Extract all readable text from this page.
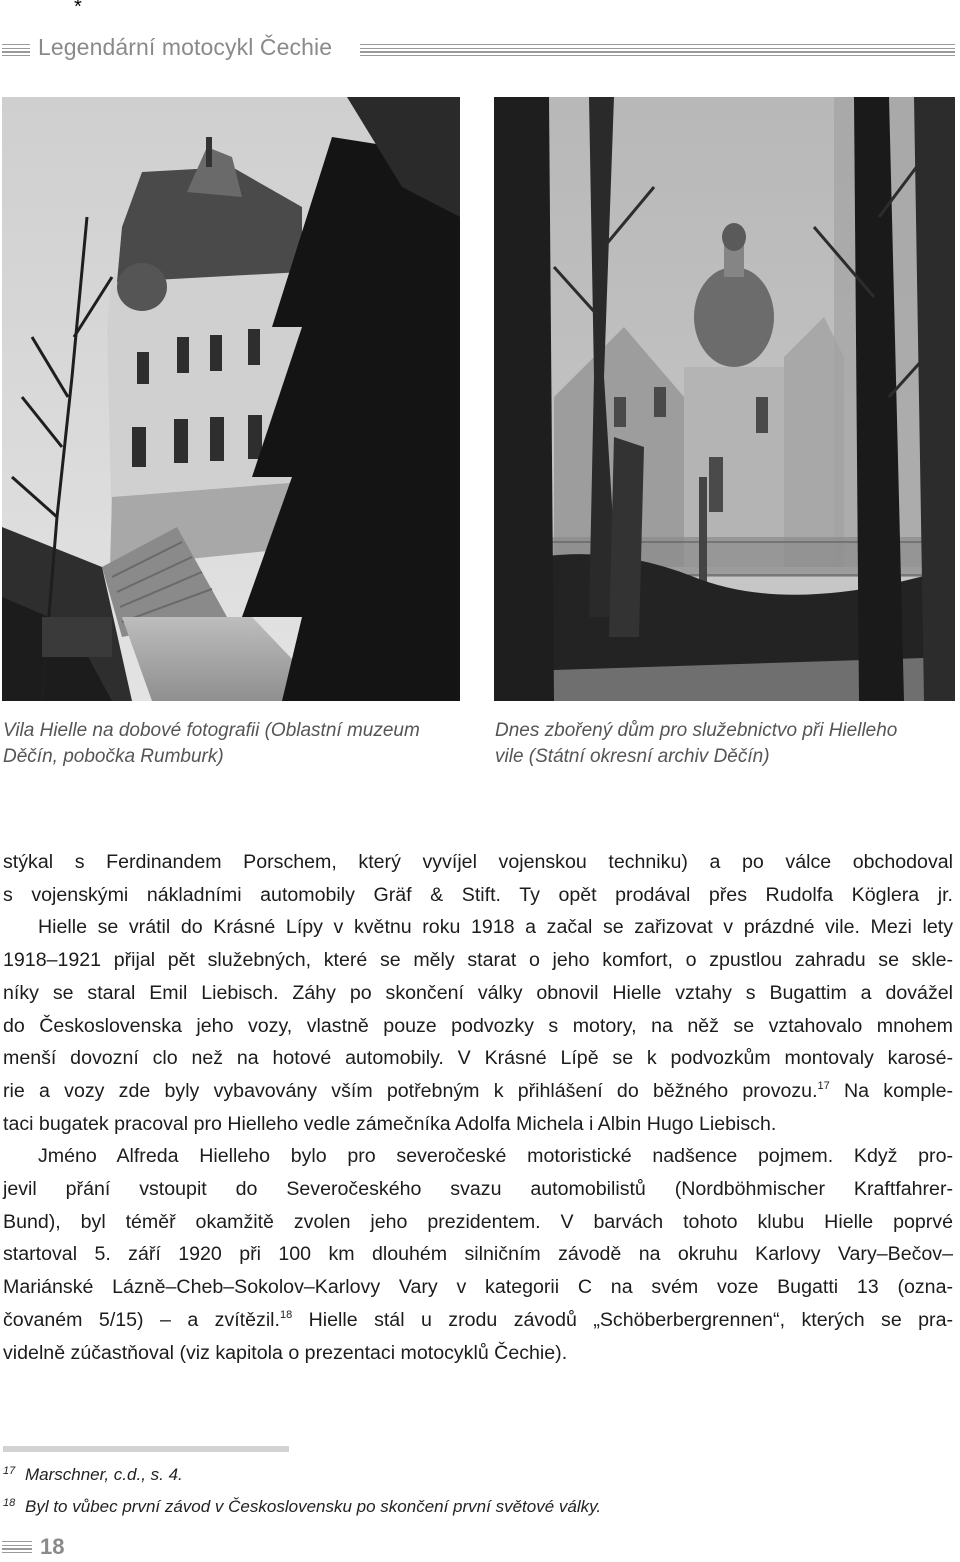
*
Legendární motocykl Čechie
Vila Hielle na dobové fotografii (Oblastní muzeum
Děčín, pobočka Rumburk)
Dnes zbořený dům pro služebnictvo při Hielleho
vile (Státní okresní archiv Děčín)

stýkal s Ferdinandem Porschem, který vyvíjel vojenskou techniku) a po válce obchodoval

s vojenskými nákladními automobily Gräf & Stift. Ty opět prodával přes Rudolfa Köglera jr.

Hielle se vrátil do Krásné Lípy v květnu roku 1918 a začal se zařizovat v prázdné vile. Mezi lety

1918–1921 přijal pět služebných, které se měly starat o jeho komfort, o zpustlou zahradu se skle-

níky se staral Emil Liebisch. Záhy po skončení války obnovil Hielle vztahy s Bugattim a dovážel

do Československa jeho vozy, vlastně pouze podvozky s motory, na něž se vztahovalo mnohem

menší dovozní clo než na hotové automobily. V Krásné Lípě se k podvozkům montovaly karosé-

rie a vozy zde byly vybavovány vším potřebným k přihlášení do běžného provozu.$^{17}$ Na komple-

taci bugatek pracoval pro Hielleho vedle zámečníka Adolfa Michela i Albin Hugo Liebisch.

Jméno Alfreda Hielleho bylo pro severočeské motoristické nadšence pojmem. Když pro-

jevil přání vstoupit do Severočeského svazu automobilistů (Nordböhmischer Kraftfahrer-

Bund), byl téměř okamžitě zvolen jeho prezidentem. V barvách tohoto klubu Hielle poprvé

startoval 5. září 1920 při 100 km dlouhém silničním závodě na okruhu Karlovy Vary–Bečov–

Mariánské Lázně–Cheb–Sokolov–Karlovy Vary v kategorii C na svém voze Bugatti 13 (ozna-

čovaném 5/15) – a zvítězil.$^{18}$ Hielle stál u zrodu závodů „Schöberbergrennen“, kterých se pra-

videlně zúčastňoval (viz kapitola o prezentaci motocyklů Čechie).

17 Marschner, c.d., s. 4.
18 Byl to vůbec první závod v Československu po skončení první světové války.
18
